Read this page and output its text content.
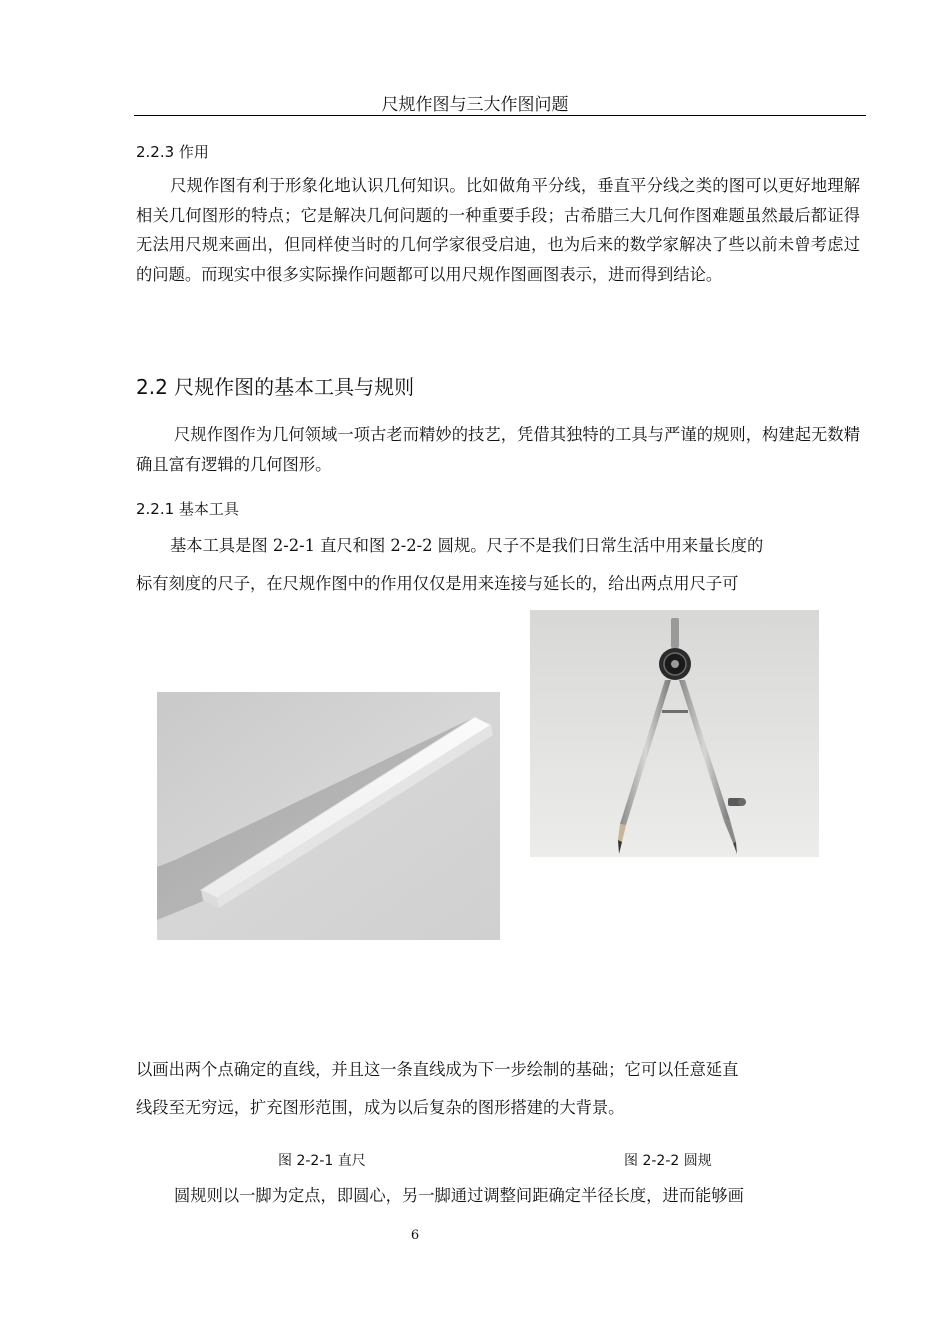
尺规作图与三大作图问题
2.2.3 作用

尺规作图有利于形象化地认识几何知识。比如做角平分线，垂直平分线之类的图可以更好地理解相关几何图形的特点；它是解决几何问题的一种重要手段；古希腊三大几何作图难题虽然最后都证得无法用尺规来画出，但同样使当时的几何学家很受启迪，也为后来的数学家解决了些以前未曾考虑过的问题。而现实中很多实际操作问题都可以用尺规作图画图表示，进而得到结论。

2.2 尺规作图的基本工具与规则

尺规作图作为几何领域一项古老而精妙的技艺，凭借其独特的工具与严谨的规则，构建起无数精确且富有逻辑的几何图形。

2.2.1 基本工具
基本工具是图 2-2-1 直尺和图 2-2-2 圆规。尺子不是我们日常生活中用来量长度的
标有刻度的尺子，在尺规作图中的作用仅仅是用来连接与延长的，给出两点用尺子可
以画出两个点确定的直线，并且这一条直线成为下一步绘制的基础；它可以任意延直
线段至无穷远，扩充图形范围，成为以后复杂的图形搭建的大背景。
图 2-2-1 直尺	图 2-2-2 圆规
圆规则以一脚为定点，即圆心，另一脚通过调整间距确定半径长度，进而能够画
6
